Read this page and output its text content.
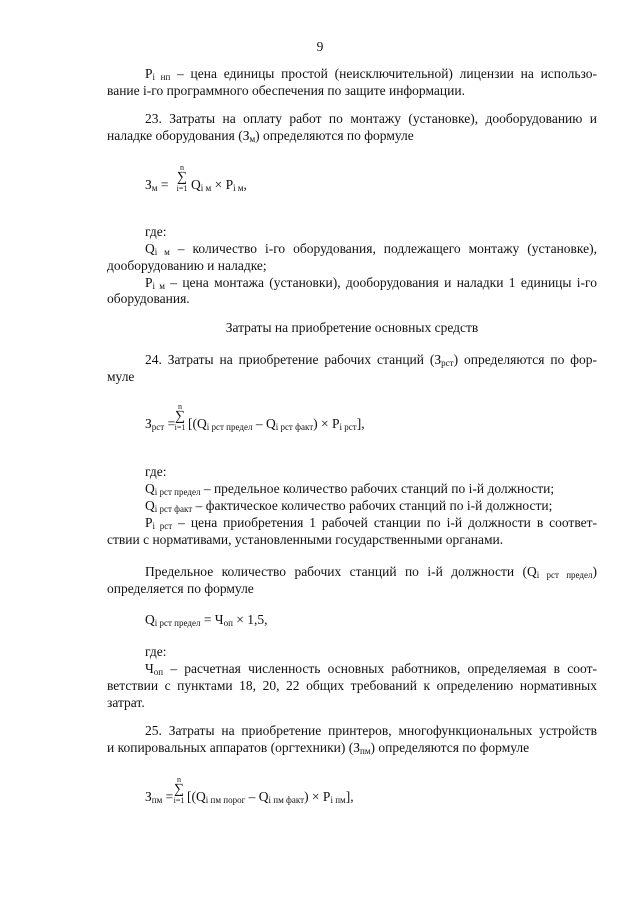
9
$P_{i нп}$ – цена единицы простой (неисключительной) лицензии на использо-
вание i-го программного обеспечения по защите информации.
23. Затраты на оплату работ по монтажу (установке), дооборудованию и
наладке оборудования $(З_м)$ определяются по формуле
$З_м$ =
n
∑
i=1 $Q_{i м} \times P_{i м}$,
где:
$Q_{i м}$ – количество i-го оборудования, подлежащего монтажу (установке),
дооборудованию и наладке;
$P_{i м}$ – цена монтажа (установки), дооборудования и наладки 1 единицы i-го
оборудования.
Затраты на приобретение основных средств
24. Затраты на приобретение рабочих станций $(З_{рст})$ определяются по фор-
муле
$З_{рст}$ =
n
∑
i=1 $[(Q_{i рст предел} - Q_{i рст факт}) \times P_{i рст}]$,
где:
$Q_{i рст предел}$ – предельное количество рабочих станций по i-й должности;
$Q_{i рст факт}$ – фактическое количество рабочих станций по i-й должности;
$P_{i рст}$ – цена приобретения 1 рабочей станции по i-й должности в соответ-
ствии с нормативами, установленными государственными органами.
Предельное количество рабочих станций по i-й должности $(Q_{i рст предел})$
определяется по формуле
$Q_{i рст предел} = Ч_{оп} \times 1,5$,
где:
$Ч_{оп}$ – расчетная численность основных работников, определяемая в соот-
ветствии с пунктами 18, 20, 22 общих требований к определению нормативных
затрат.
25. Затраты на приобретение принтеров, многофункциональных устройств
и копировальных аппаратов (оргтехники) $(З_{пм})$ определяются по формуле
$З_{пм}$ =
n
∑
i=1 $[(Q_{i пм порог} - Q_{i пм факт}) \times P_{i пм}]$,
